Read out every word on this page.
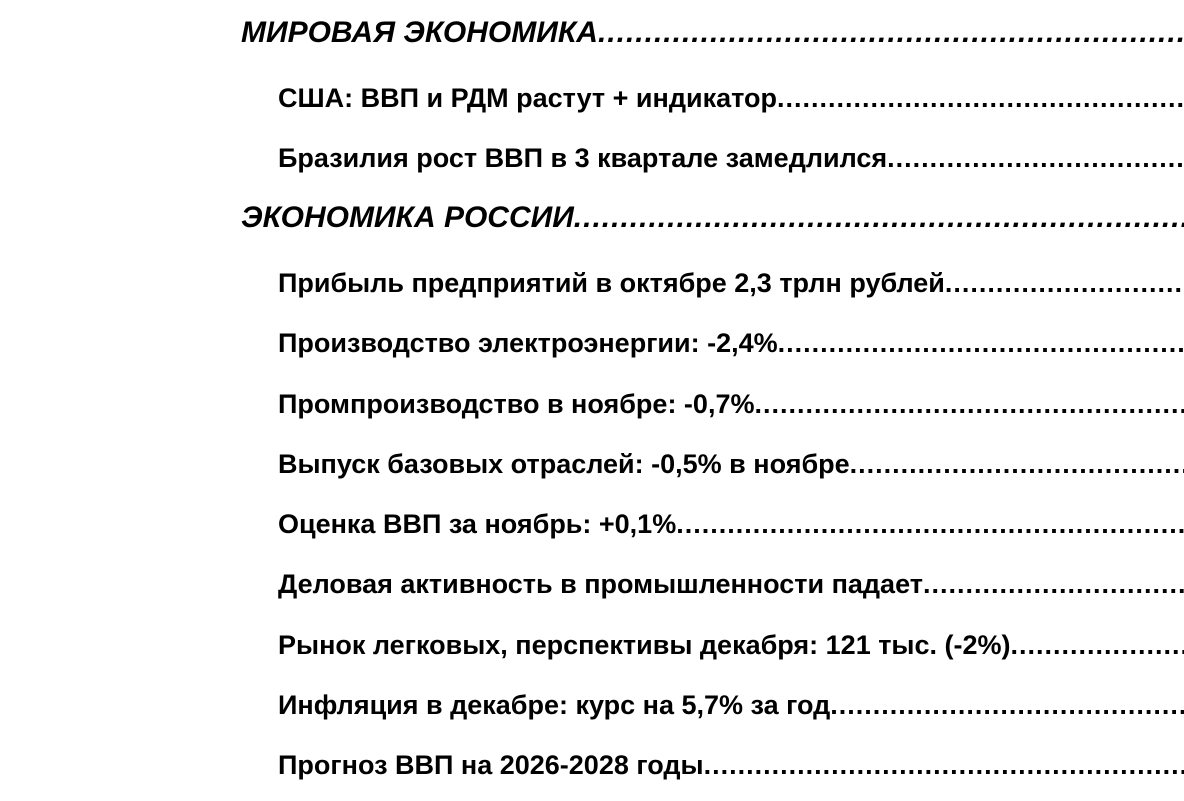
МИРОВАЯ ЭКОНОМИКА
.....
США: ВВП и РДМ растут + индикатор
.....
Бразилия рост ВВП в 3 квартале замедлился
.....
ЭКОНОМИКА РОССИИ
.....
Прибыль предприятий в октябре 2,3 трлн рублей
.....
Производство электроэнергии: -2,4%
.....
Промпроизводство в ноябре: -0,7%
.....
Выпуск базовых отраслей: -0,5% в ноябре
.....
Оценка ВВП за ноябрь: +0,1%
.....
Деловая активность в промышленности падает
.....
Рынок легковых, перспективы декабря: 121 тыс. (-2%)
.....
Инфляция в декабре: курс на 5,7% за год
.....
Прогноз ВВП на 2026-2028 годы
.....
